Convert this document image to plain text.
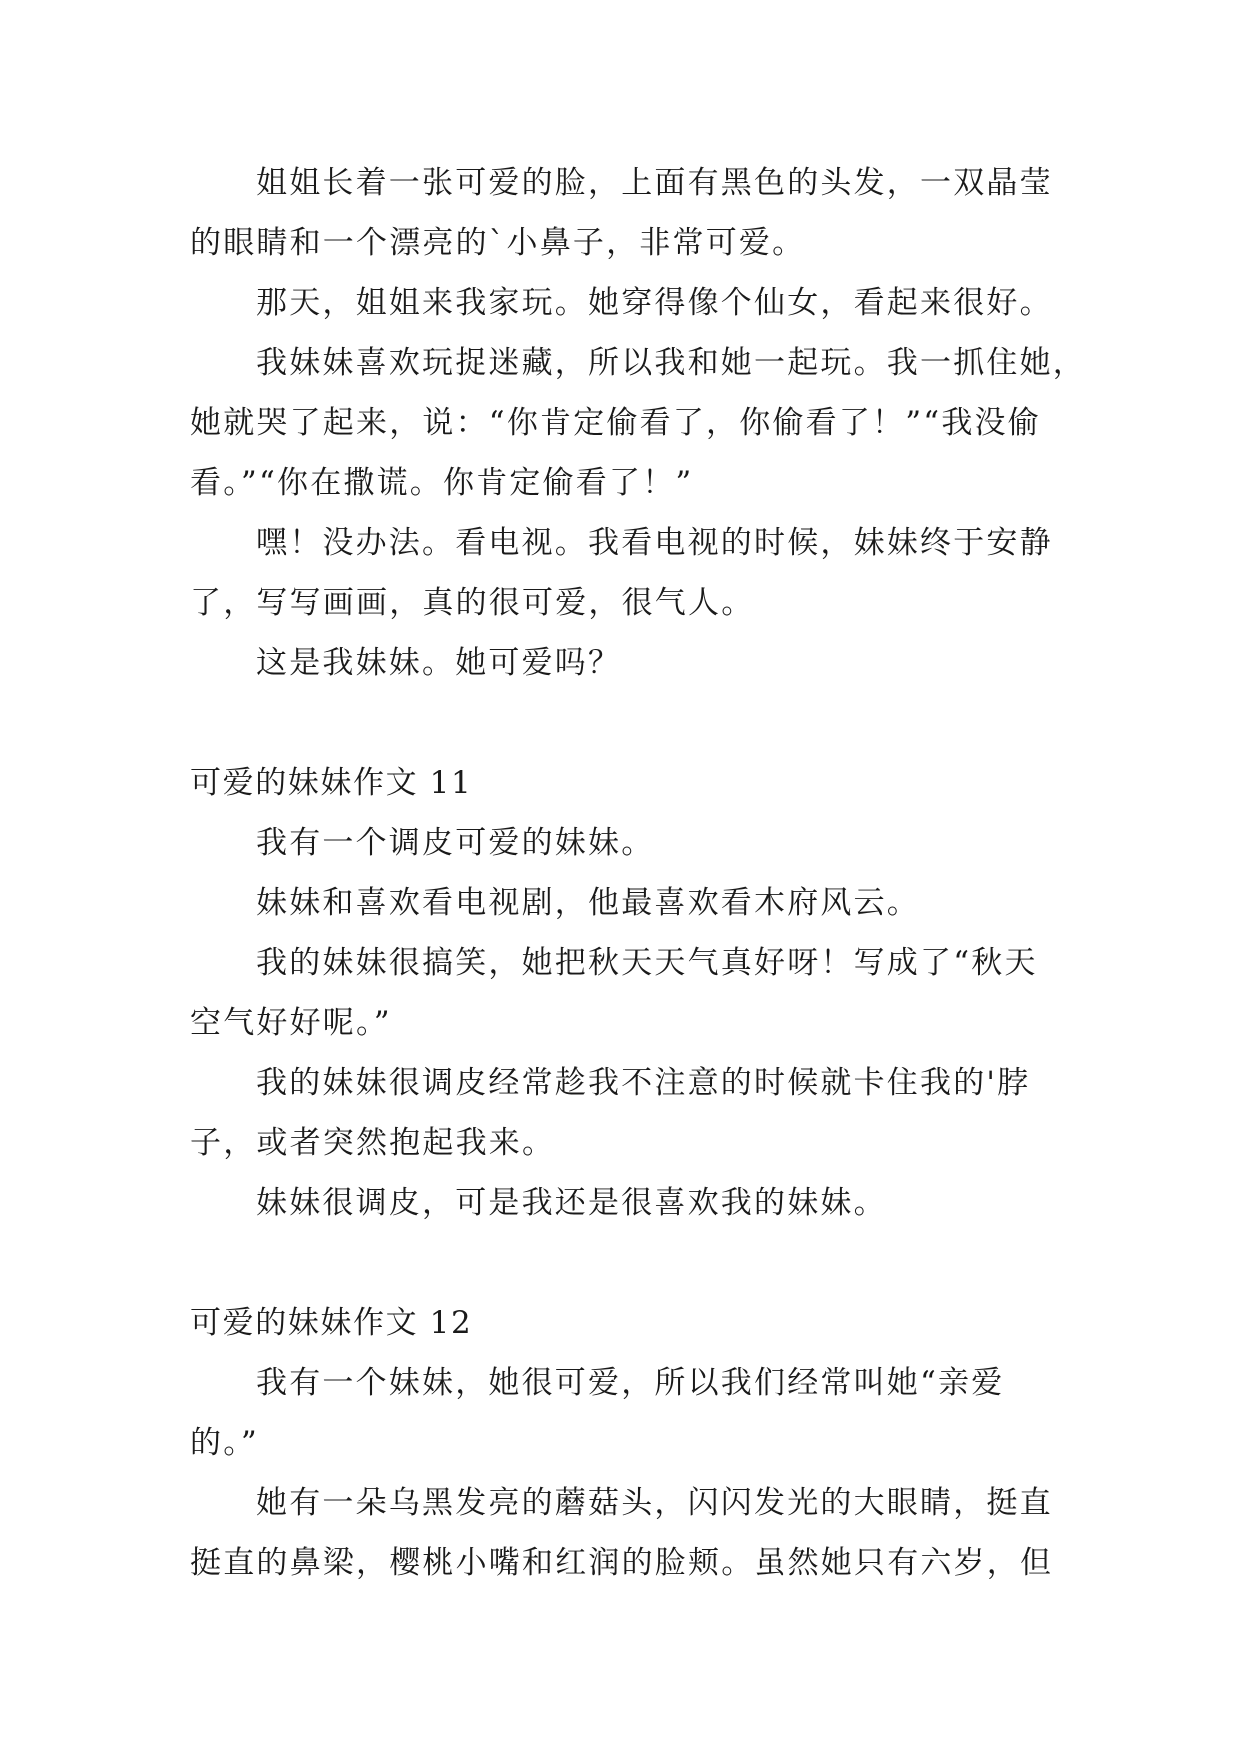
姐姐长着一张可爱的脸，上面有黑色的头发，一双晶莹
的眼睛和一个漂亮的`小鼻子，非常可爱。
那天，姐姐来我家玩。她穿得像个仙女，看起来很好。
我妹妹喜欢玩捉迷藏，所以我和她一起玩。我一抓住她，
她就哭了起来，说：“你肯定偷看了，你偷看了！”“我没偷
看。”“你在撒谎。你肯定偷看了！”
嘿！没办法。看电视。我看电视的时候，妹妹终于安静
了，写写画画，真的很可爱，很气人。
这是我妹妹。她可爱吗？
可爱的妹妹作文 11
我有一个调皮可爱的妹妹。
妹妹和喜欢看电视剧，他最喜欢看木府风云。
我的妹妹很搞笑，她把秋天天气真好呀！写成了“秋天
空气好好呢。”
我的妹妹很调皮经常趁我不注意的时候就卡住我的'脖
子，或者突然抱起我来。
妹妹很调皮，可是我还是很喜欢我的妹妹。
可爱的妹妹作文 12
我有一个妹妹，她很可爱，所以我们经常叫她“亲爱
的。”
她有一朵乌黑发亮的蘑菇头，闪闪发光的大眼睛，挺直
挺直的鼻梁，樱桃小嘴和红润的脸颊。虽然她只有六岁，但
